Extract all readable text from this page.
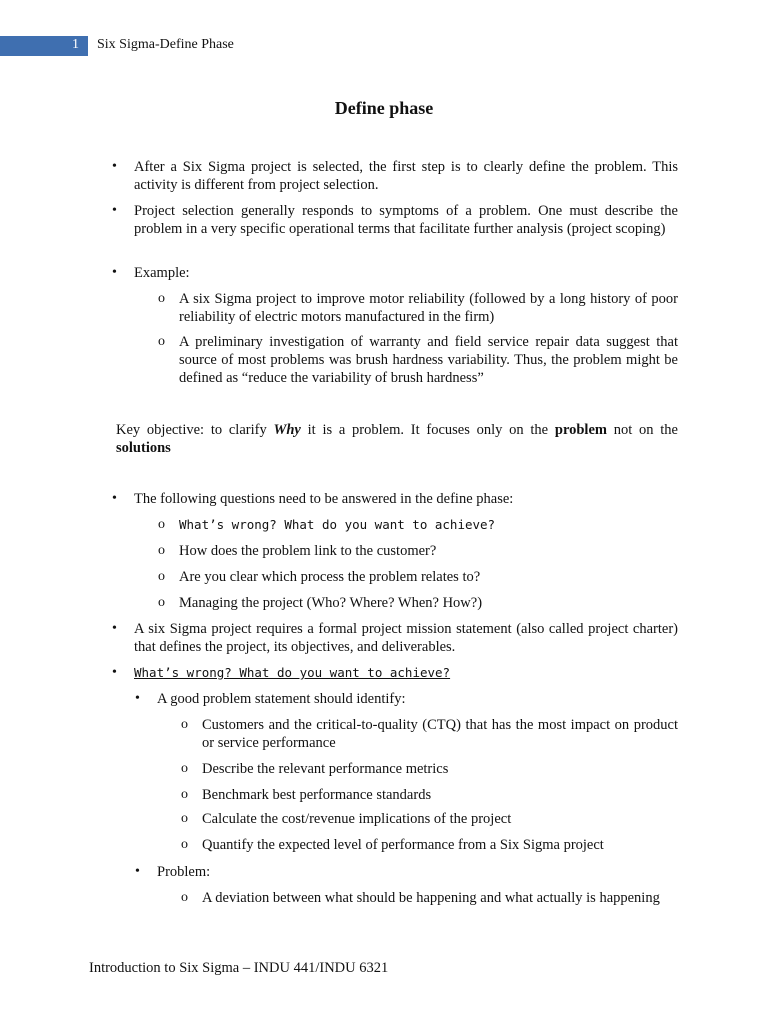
1 Six Sigma-Define Phase
Define phase
• After a Six Sigma project is selected, the first step is to clearly define the problem. This activity is different from project selection.
• Project selection generally responds to symptoms of a problem. One must describe the problem in a very specific operational terms that facilitate further analysis (project scoping)
• Example:
o A six Sigma project to improve motor reliability (followed by a long history of poor reliability of electric motors manufactured in the firm)
o A preliminary investigation of warranty and field service repair data suggest that source of most problems was brush hardness variability. Thus, the problem might be defined as “reduce the variability of brush hardness”
Key objective: to clarify Why it is a problem. It focuses only on the problem not on the solutions
• The following questions need to be answered in the define phase:
o What’s wrong? What do you want to achieve?
o How does the problem link to the customer?
o Are you clear which process the problem relates to?
o Managing the project (Who? Where? When? How?)
• A six Sigma project requires a formal project mission statement (also called project charter) that defines the project, its objectives, and deliverables.
• What’s wrong? What do you want to achieve?
• A good problem statement should identify:
o Customers and the critical-to-quality (CTQ) that has the most impact on product or service performance
o Describe the relevant performance metrics
o Benchmark best performance standards
o Calculate the cost/revenue implications of the project
o Quantify the expected level of performance from a Six Sigma project
• Problem:
o A deviation between what should be happening and what actually is happening
Introduction to Six Sigma – INDU 441/INDU 6321
